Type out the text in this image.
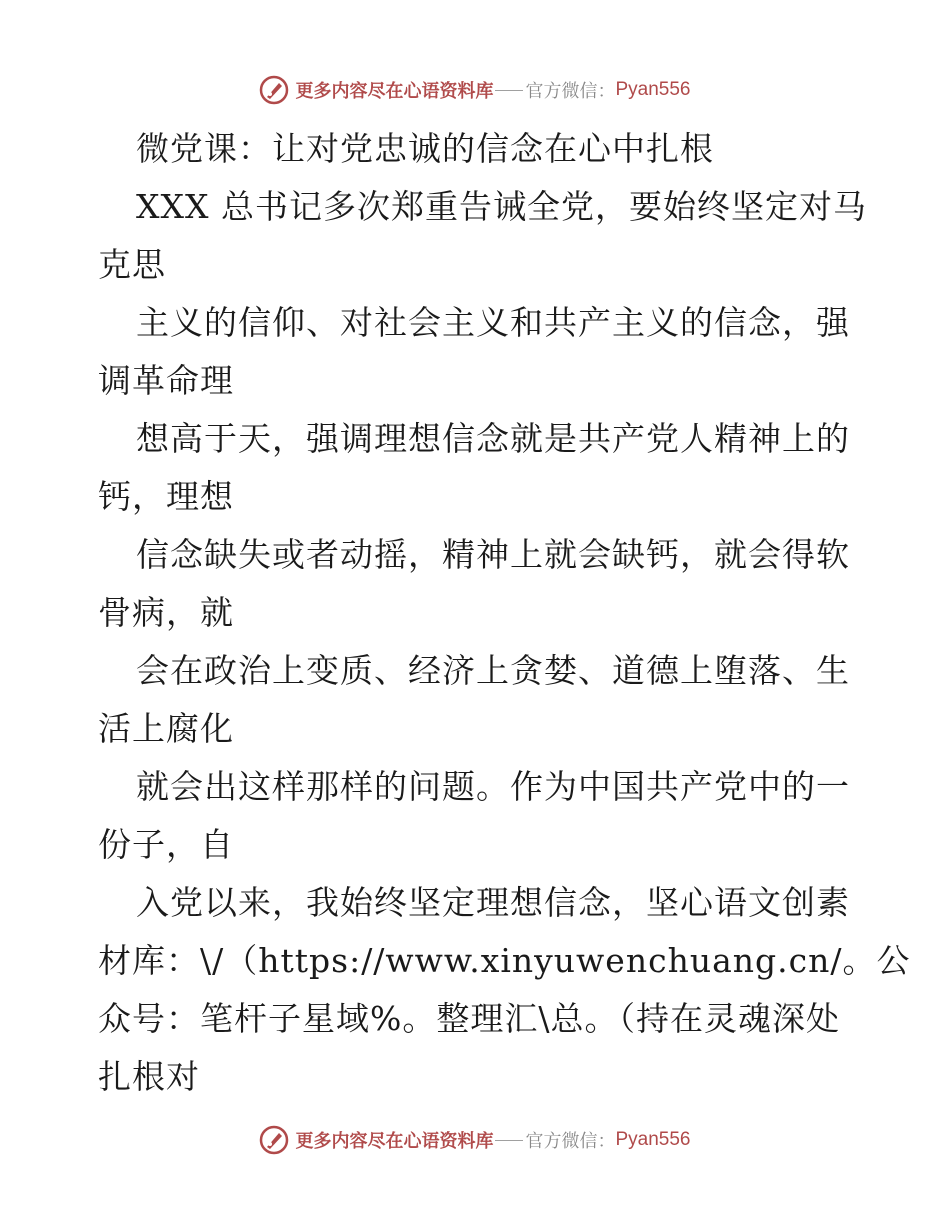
更多内容尽在心语资料库 官方微信： Pyan556
微党课：让对党忠诚的信念在心中扎根
XXX 总书记多次郑重告诫全党，要始终坚定对马
克思
主义的信仰、对社会主义和共产主义的信念，强
调革命理
想高于天，强调理想信念就是共产党人精神上的
钙，理想
信念缺失或者动摇，精神上就会缺钙，就会得软
骨病，就
会在政治上变质、经济上贪婪、道德上堕落、生
活上腐化
就会出这样那样的问题。作为中国共产党中的一
份子，自
入党以来，我始终坚定理想信念，坚心语文创素
材库：\/（https://www.xinyuwenchuang.cn/。公
众号：笔杆子星域%。整理汇\总。（持在灵魂深处
扎根对
更多内容尽在心语资料库 官方微信： Pyan556
